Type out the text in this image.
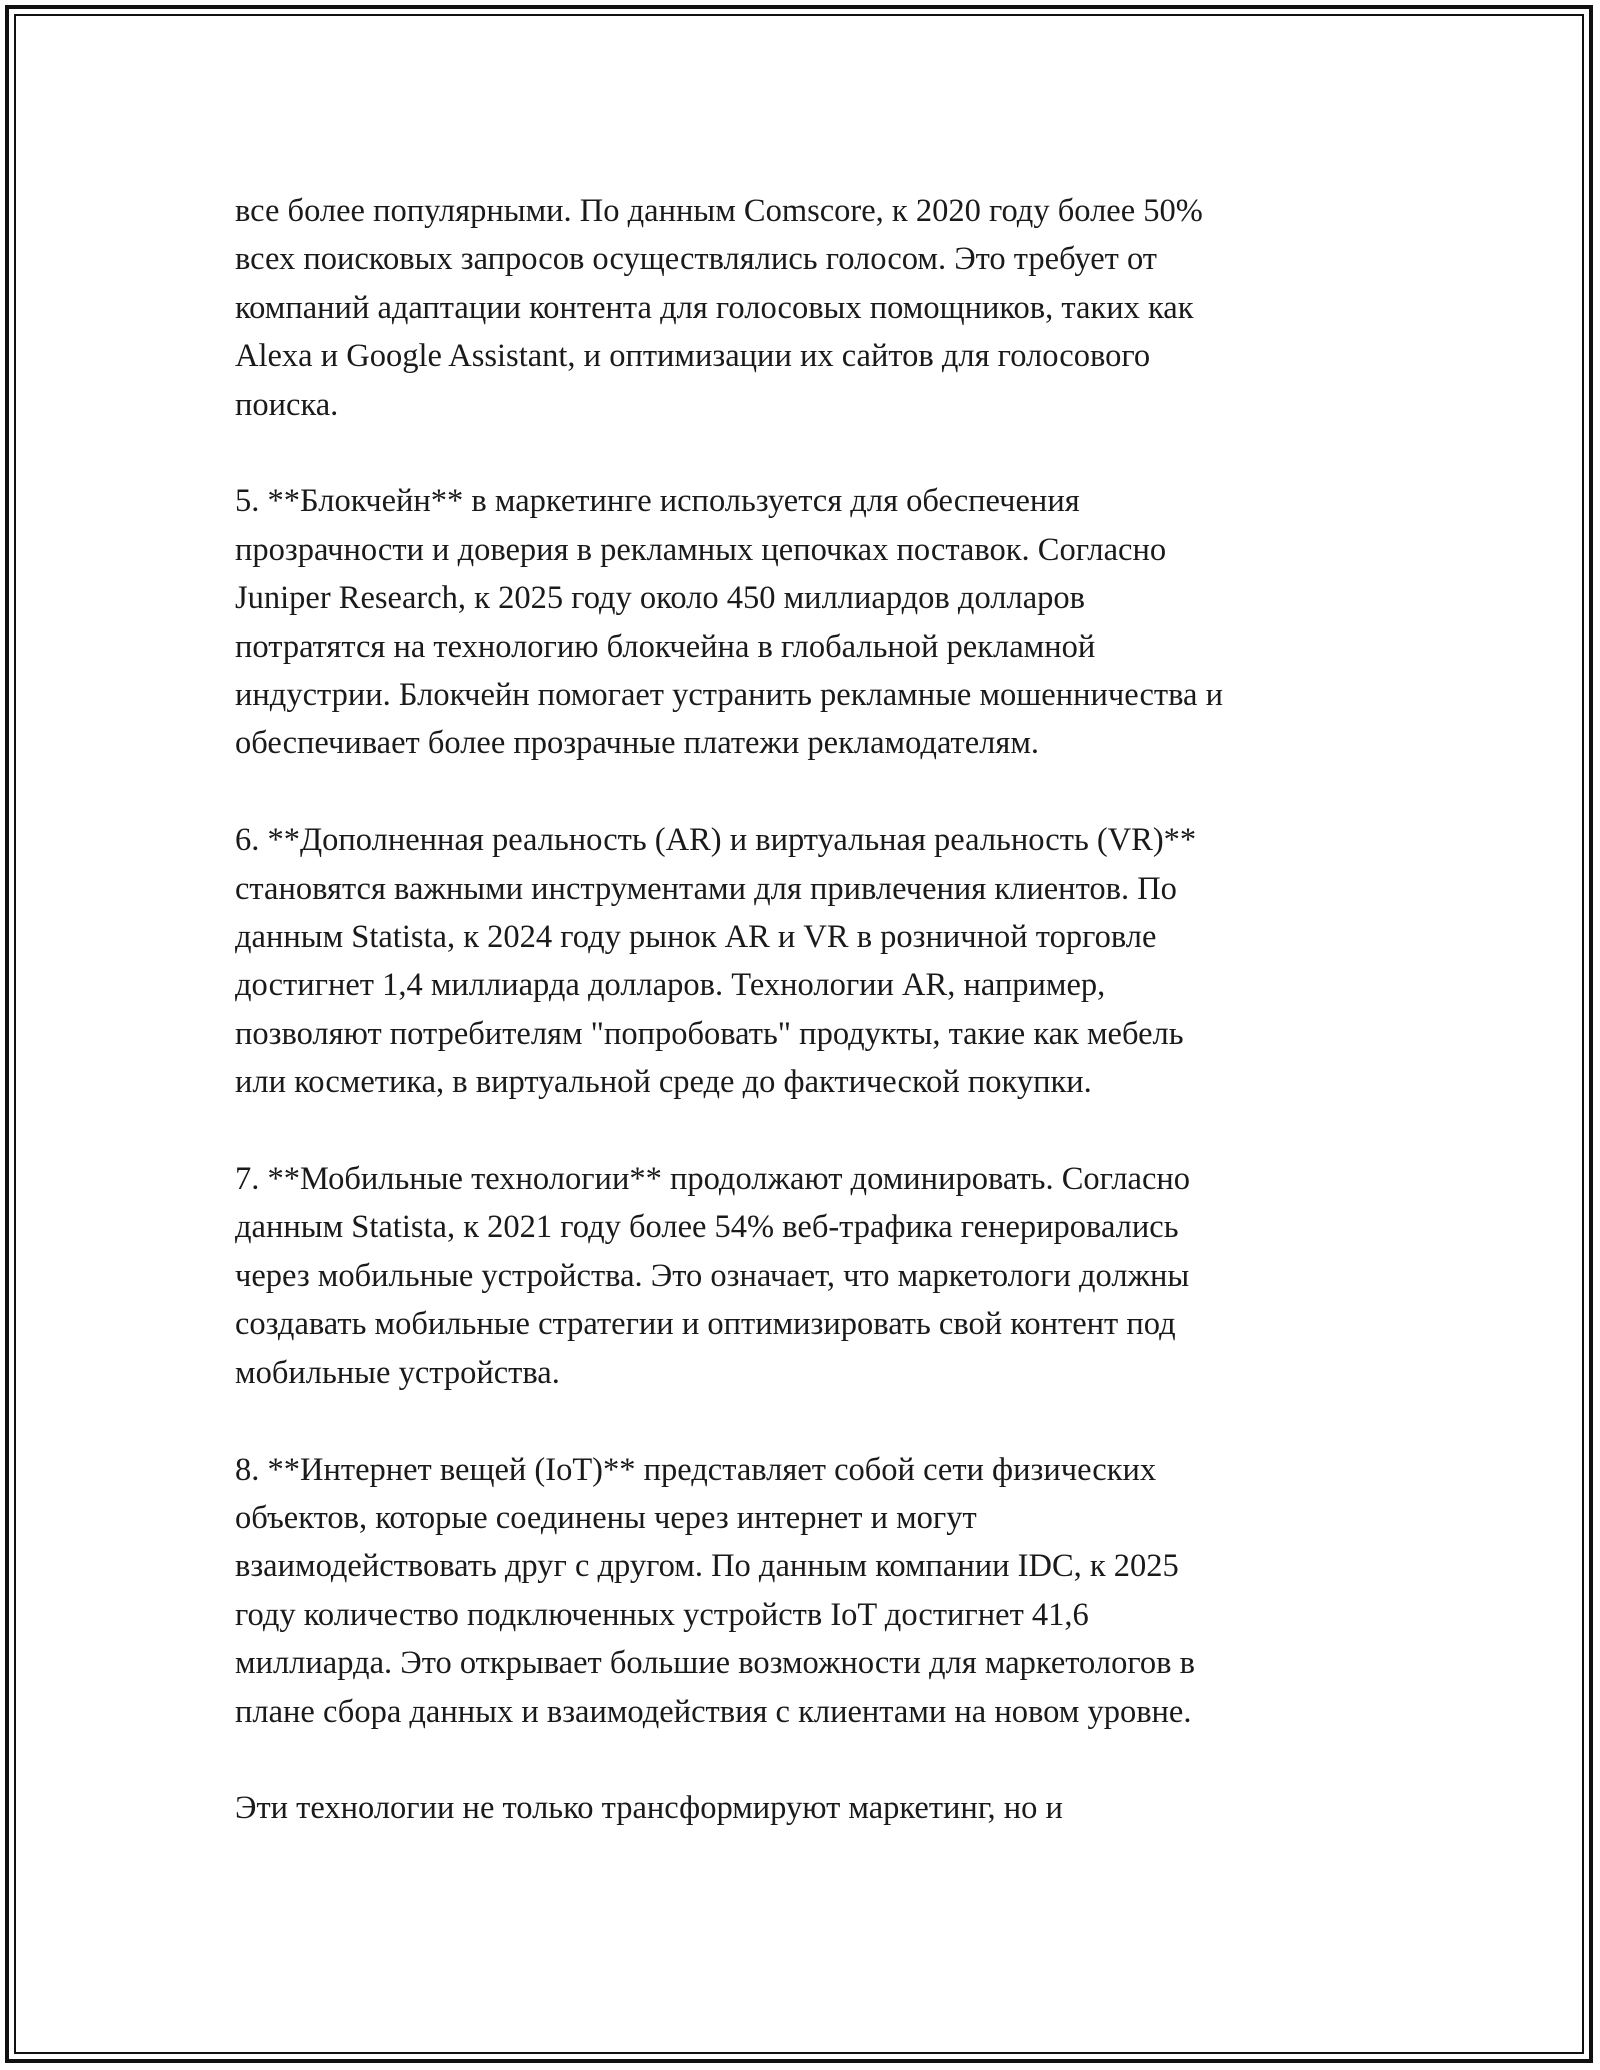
все более популярными. По данным Comscore, к 2020 году более 50%
всех поисковых запросов осуществлялись голосом. Это требует от
компаний адаптации контента для голосовых помощников, таких как
Alexa и Google Assistant, и оптимизации их сайтов для голосового
поиска.

5. **Блокчейн** в маркетинге используется для обеспечения
прозрачности и доверия в рекламных цепочках поставок. Согласно
Juniper Research, к 2025 году около 450 миллиардов долларов
потратятся на технологию блокчейна в глобальной рекламной
индустрии. Блокчейн помогает устранить рекламные мошенничества и
обеспечивает более прозрачные платежи рекламодателям.

6. **Дополненная реальность (AR) и виртуальная реальность (VR)**
становятся важными инструментами для привлечения клиентов. По
данным Statista, к 2024 году рынок AR и VR в розничной торговле
достигнет 1,4 миллиарда долларов. Технологии AR, например,
позволяют потребителям "попробовать" продукты, такие как мебель
или косметика, в виртуальной среде до фактической покупки.

7. **Мобильные технологии** продолжают доминировать. Согласно
данным Statista, к 2021 году более 54% веб-трафика генерировались
через мобильные устройства. Это означает, что маркетологи должны
создавать мобильные стратегии и оптимизировать свой контент под
мобильные устройства.

8. **Интернет вещей (IoT)** представляет собой сети физических
объектов, которые соединены через интернет и могут
взаимодействовать друг с другом. По данным компании IDC, к 2025
году количество подключенных устройств IoT достигнет 41,6
миллиарда. Это открывает большие возможности для маркетологов в
плане сбора данных и взаимодействия с клиентами на новом уровне.

Эти технологии не только трансформируют маркетинг, но и
